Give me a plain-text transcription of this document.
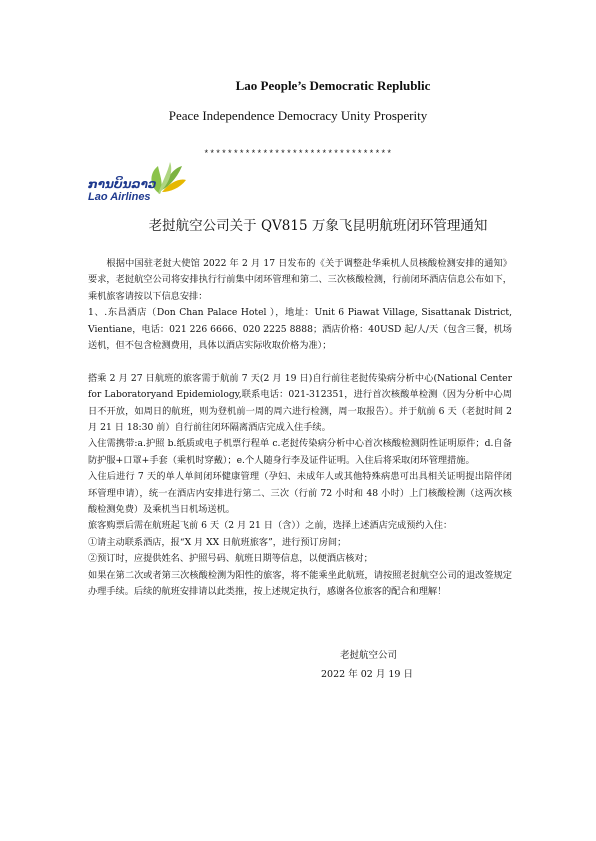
Lao People’s Democratic Replublic
Peace Independence Democracy Unity Prosperity
********************************
ການບິນລາວ
Lao Airlines
老挝航空公司关于 QV815 万象飞昆明航班闭环管理通知

根据中国驻老挝大使馆 2022 年 2 月 17 日发布的《关于调整赴华乘机人员核酸检测安排的通知》要求，老挝航空公司将安排执行行前集中闭环管理和第二、三次核酸检测，行前闭环酒店信息公布如下，乘机旅客请按以下信息安排：

1、.东昌酒店（Don Chan Palace Hotel ），地址：Unit 6 Piawat Village, Sisattanak District, Vientiane，电话：021 226 6666、020 2225 8888；酒店价格：40USD 起/人/天（包含三餐，机场送机，但不包含检测费用，具体以酒店实际收取价格为准）；

搭乘 2 月 27 日航班的旅客需于航前 7 天(2 月 19 日)自行前往老挝传染病分析中心(National Center for Laboratoryand Epidemiology,联系电话：021-312351，进行首次核酸单检测（因为分析中心周日不开放，如周日的航班，则为登机前一周的周六进行检测，周一取报告）。并于航前 6 天（老挝时间 2 月 21 日 18:30 前）自行前往闭环隔离酒店完成入住手续。

入住需携带:a.护照 b.纸质或电子机票行程单 c.老挝传染病分析中心首次核酸检测阴性证明原件；d.自备防护服+口罩+手套（乘机时穿戴）；e.个人随身行李及证件证明。入住后将采取闭环管理措施。

入住后进行 7 天的单人单间闭环健康管理（孕妇、未成年人或其他特殊病患可出具相关证明提出陪伴闭环管理申请），统一在酒店内安排进行第二、三次（行前 72 小时和 48 小时）上门核酸检测（这两次核酸检测免费）及乘机当日机场送机。

旅客购票后需在航班起飞前 6 天（2 月 21 日（含））之前，选择上述酒店完成预约入住：

①请主动联系酒店，报“X 月 XX 日航班旅客”，进行预订房间；

②预订时，应提供姓名、护照号码、航班日期等信息，以便酒店核对；

如果在第二次或者第三次核酸检测为阳性的旅客，将不能乘坐此航班，请按照老挝航空公司的退改签规定办理手续。后续的航班安排请以此类推，按上述规定执行，感谢各位旅客的配合和理解！

老挝航空公司
2022 年 02 月 19 日
